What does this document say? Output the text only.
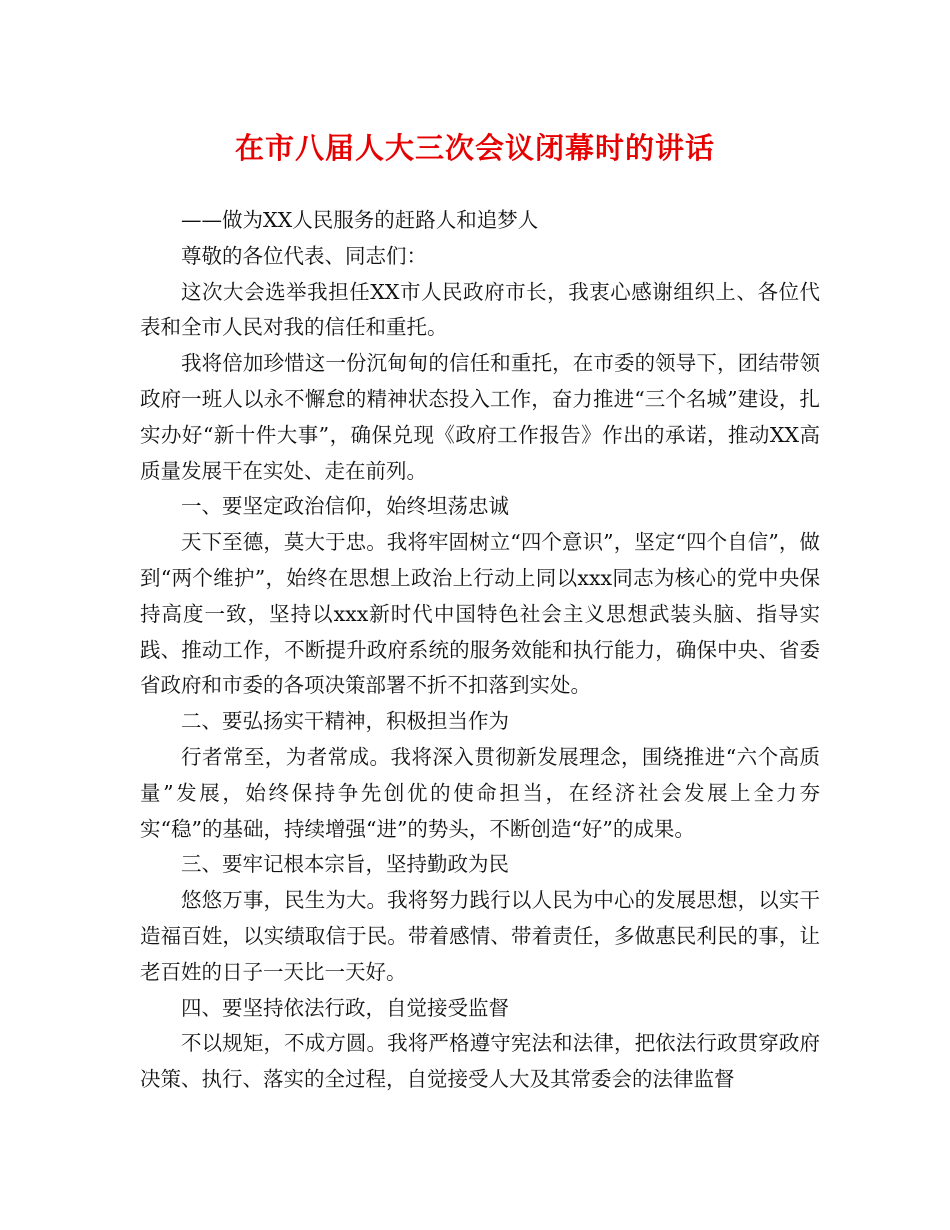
在市八届人大三次会议闭幕时的讲话

——做为XX人民服务的赶路人和追梦人

尊敬的各位代表、同志们：

这次大会选举我担任XX市人民政府市长，我衷心感谢组织上、各位代表和全市人民对我的信任和重托。

我将倍加珍惜这一份沉甸甸的信任和重托，在市委的领导下，团结带领政府一班人以永不懈怠的精神状态投入工作，奋力推进“三个名城”建设，扎实办好“新十件大事”，确保兑现《政府工作报告》作出的承诺，推动XX高质量发展干在实处、走在前列。

一、要坚定政治信仰，始终坦荡忠诚

天下至德，莫大于忠。我将牢固树立“四个意识”，坚定“四个自信”，做到“两个维护”，始终在思想上政治上行动上同以xxx同志为核心的党中央保持高度一致，坚持以xxx新时代中国特色社会主义思想武装头脑、指导实践、推动工作，不断提升政府系统的服务效能和执行能力，确保中央、省委省政府和市委的各项决策部署不折不扣落到实处。

二、要弘扬实干精神，积极担当作为

行者常至，为者常成。我将深入贯彻新发展理念，围绕推进“六个高质量”发展，始终保持争先创优的使命担当，在经济社会发展上全力夯实“稳”的基础，持续增强“进”的势头，不断创造“好”的成果。

三、要牢记根本宗旨，坚持勤政为民

悠悠万事，民生为大。我将努力践行以人民为中心的发展思想，以实干造福百姓，以实绩取信于民。带着感情、带着责任，多做惠民利民的事，让老百姓的日子一天比一天好。

四、要坚持依法行政，自觉接受监督

不以规矩，不成方圆。我将严格遵守宪法和法律，把依法行政贯穿政府决策、执行、落实的全过程，自觉接受人大及其常委会的法律监督
